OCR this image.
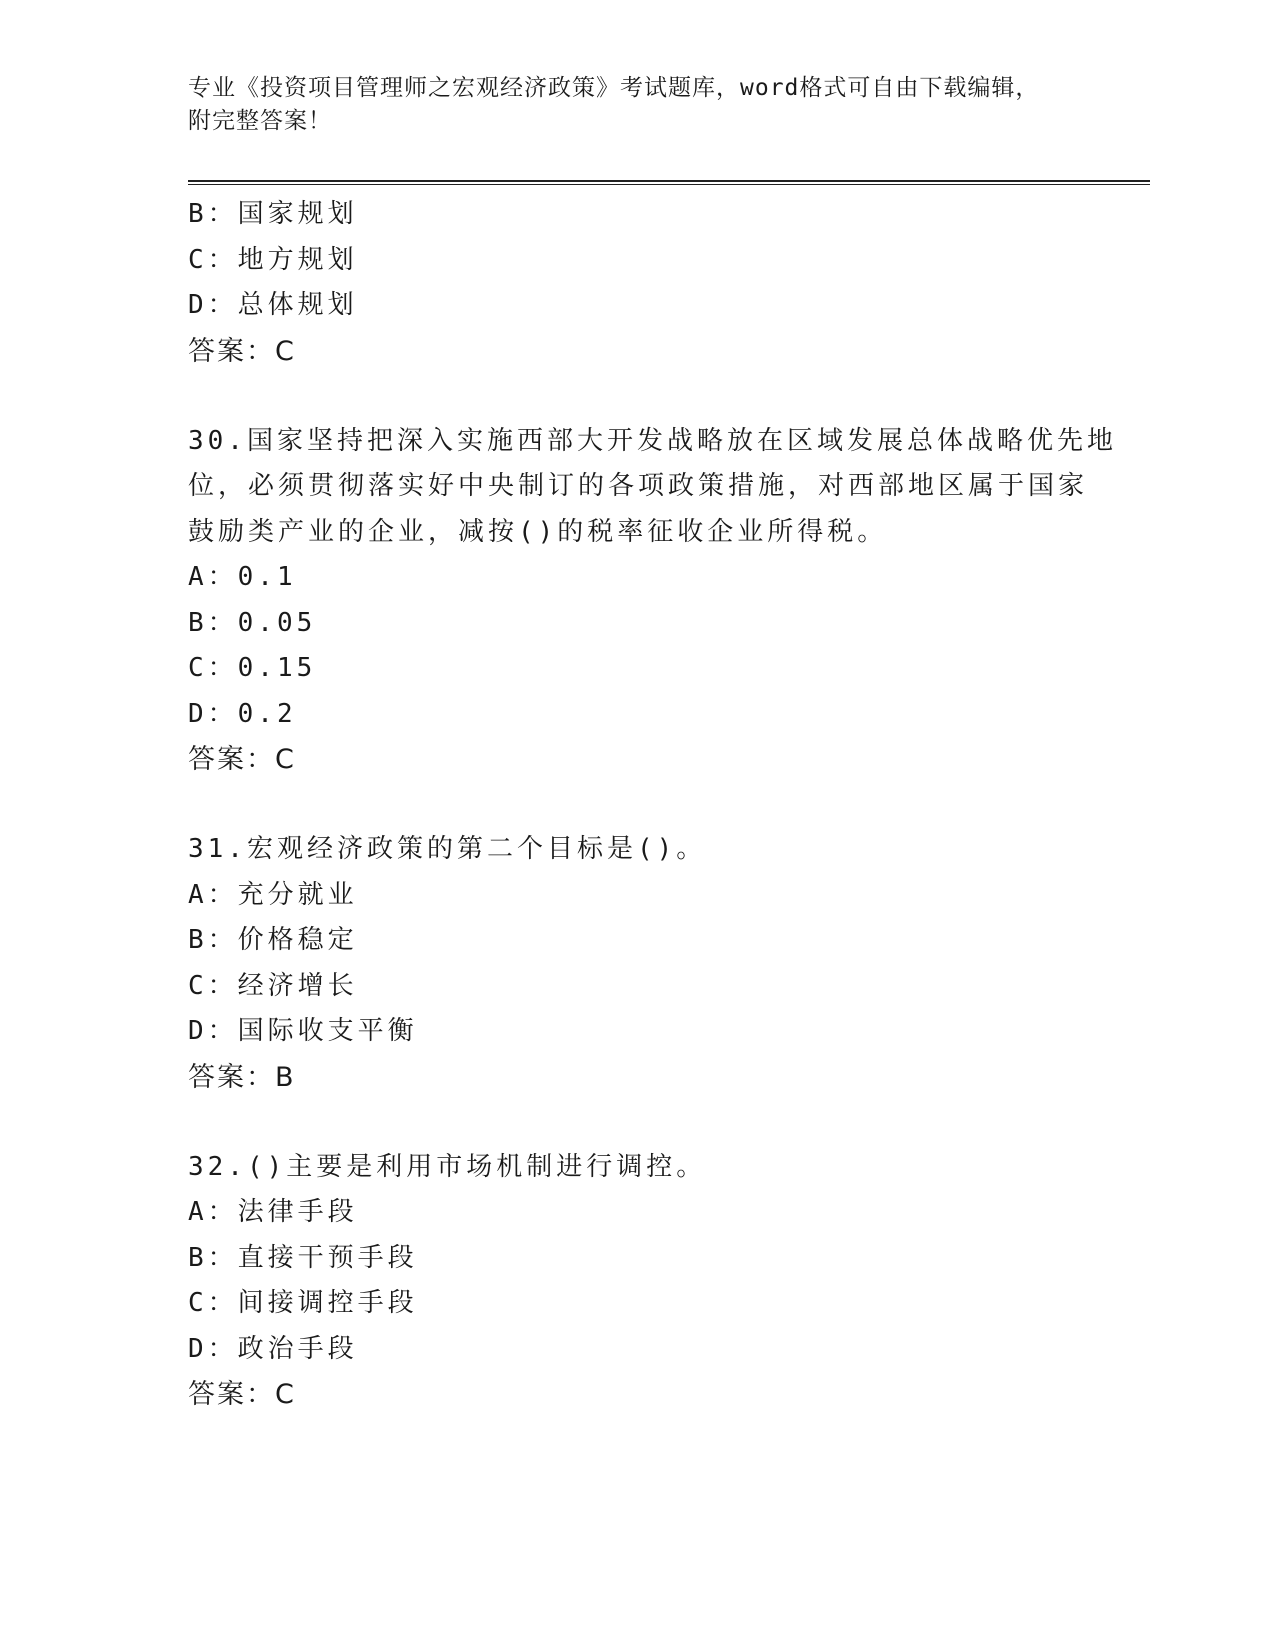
专业《投资项目管理师之宏观经济政策》考试题库，word格式可自由下载编辑，
附完整答案！
B：国家规划
C：地方规划
D：总体规划
答案：C
30.国家坚持把深入实施西部大开发战略放在区域发展总体战略优先地
位，必须贯彻落实好中央制订的各项政策措施，对西部地区属于国家
鼓励类产业的企业，减按()的税率征收企业所得税。
A：0.1
B：0.05
C：0.15
D：0.2
答案：C
31.宏观经济政策的第二个目标是()。
A：充分就业
B：价格稳定
C：经济增长
D：国际收支平衡
答案：B
32.()主要是利用市场机制进行调控。
A：法律手段
B：直接干预手段
C：间接调控手段
D：政治手段
答案：C
